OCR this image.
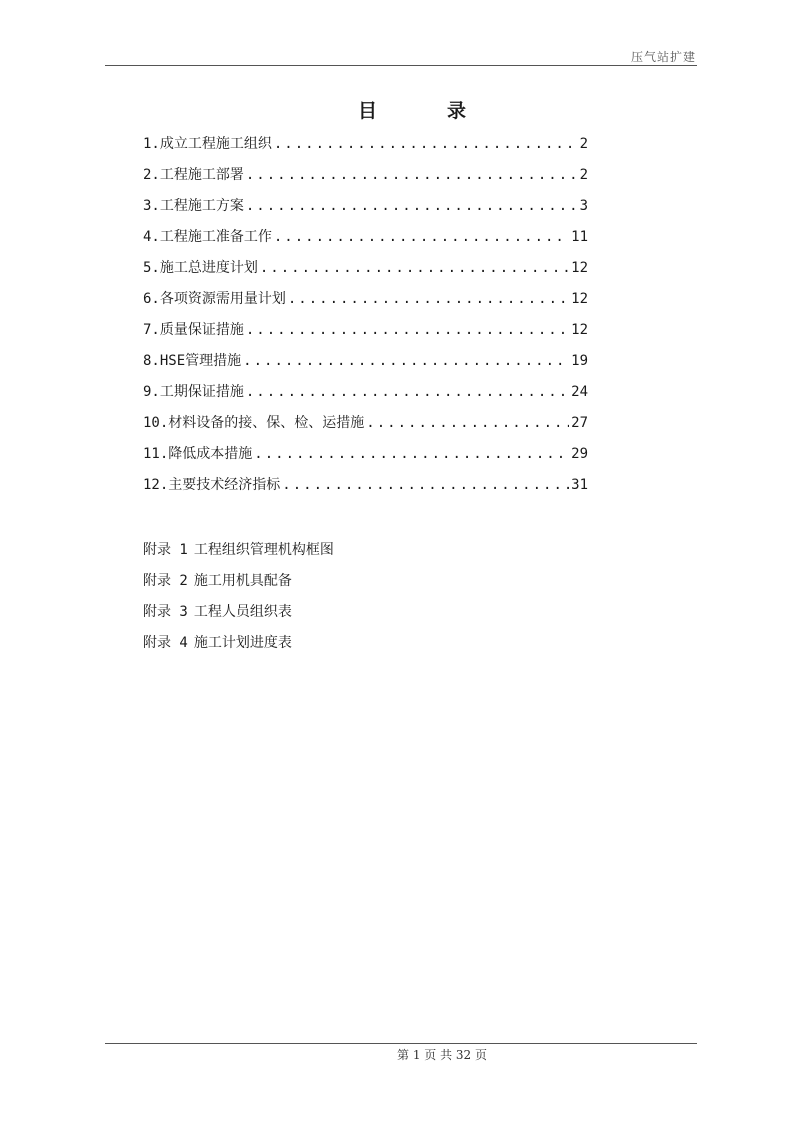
压气站扩建
目	录
1.成立工程施工组织 .....	2
2.工程施工部署 .....	2
3.工程施工方案 .....	3
4.工程施工准备工作 .....	11
5.施工总进度计划 .....	12
6.各项资源需用量计划 .....	12
7.质量保证措施 .....	12
8.HSE管理措施 .....	19
9.工期保证措施 .....	24
10.材料设备的接、保、检、运措施 .....	27
11.降低成本措施 .....	29
12.主要技术经济指标 .....	31
附录 1 工程组织管理机构框图
附录 2 施工用机具配备
附录 3 工程人员组织表
附录 4 施工计划进度表
第 1 页 共 32 页
